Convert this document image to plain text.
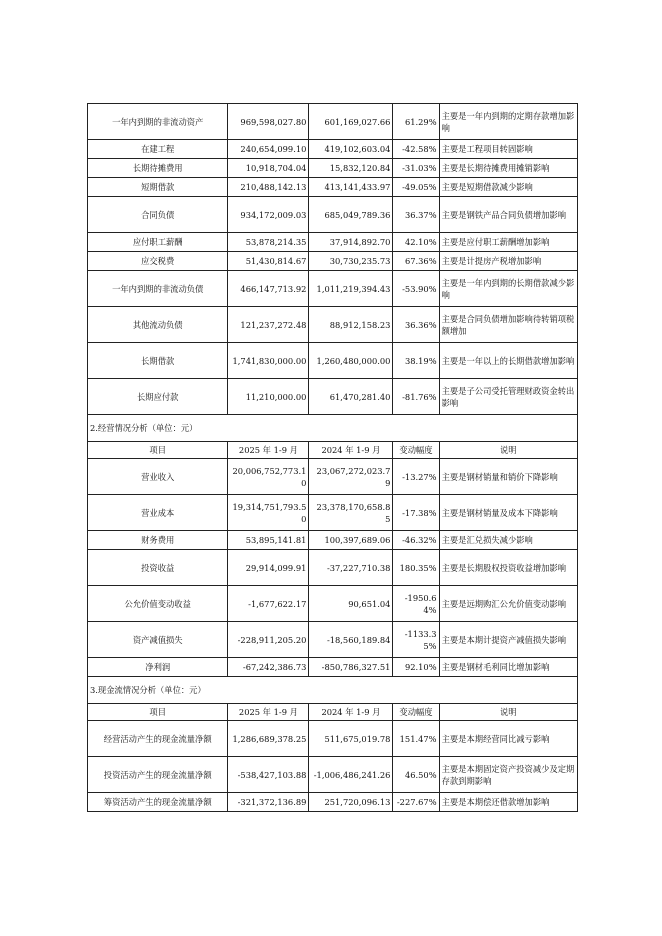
一年内到期的非流动资产	969,598,027.80	601,169,027.66	61.29%	主要是一年内到期的定期存款增加影响
在建工程	240,654,099.10	419,102,603.04	-42.58%	主要是工程项目转固影响
长期待摊费用	10,918,704.04	15,832,120.84	-31.03%	主要是长期待摊费用摊销影响
短期借款	210,488,142.13	413,141,433.97	-49.05%	主要是短期借款减少影响
合同负债	934,172,009.03	685,049,789.36	36.37%	主要是钢铁产品合同负债增加影响
应付职工薪酬	53,878,214.35	37,914,892.70	42.10%	主要是应付职工薪酬增加影响
应交税费	51,430,814.67	30,730,235.73	67.36%	主要是计提房产税增加影响
一年内到期的非流动负债	466,147,713.92	1,011,219,394.43	-53.90%	主要是一年内到期的长期借款减少影响
其他流动负债	121,237,272.48	88,912,158.23	36.36%	主要是合同负债增加影响待转销项税额增加
长期借款	1,741,830,000.00	1,260,480,000.00	38.19%	主要是一年以上的长期借款增加影响
长期应付款	11,210,000.00	61,470,281.40	-81.76%	主要是子公司受托管理财政资金转出影响
2.经营情况分析（单位：元）				
项目	2025 年 1-9 月	2024 年 1-9 月	变动幅度	说明
营业收入	20,006,752,773.10	23,067,272,023.79	-13.27%	主要是钢材销量和销价下降影响
营业成本	19,314,751,793.50	23,378,170,658.85	-17.38%	主要是钢材销量及成本下降影响
财务费用	53,895,141.81	100,397,689.06	-46.32%	主要是汇兑损失减少影响
投资收益	29,914,099.91	-37,227,710.38	180.35%	主要是长期股权投资收益增加影响
公允价值变动收益	-1,677,622.17	90,651.04	-1950.64%	主要是远期购汇公允价值变动影响
资产减值损失	-228,911,205.20	-18,560,189.84	-1133.35%	主要是本期计提资产减值损失影响
净利润	-67,242,386.73	-850,786,327.51	92.10%	主要是钢材毛利同比增加影响
3.现金流情况分析（单位：元）				
项目	2025 年 1-9 月	2024 年 1-9 月	变动幅度	说明
经营活动产生的现金流量净额	1,286,689,378.25	511,675,019.78	151.47%	主要是本期经营同比减亏影响
投资活动产生的现金流量净额	-538,427,103.88	-1,006,486,241.26	46.50%	主要是本期固定资产投资减少及定期存款到期影响
筹资活动产生的现金流量净额	-321,372,136.89	251,720,096.13	-227.67%	主要是本期偿还借款增加影响
